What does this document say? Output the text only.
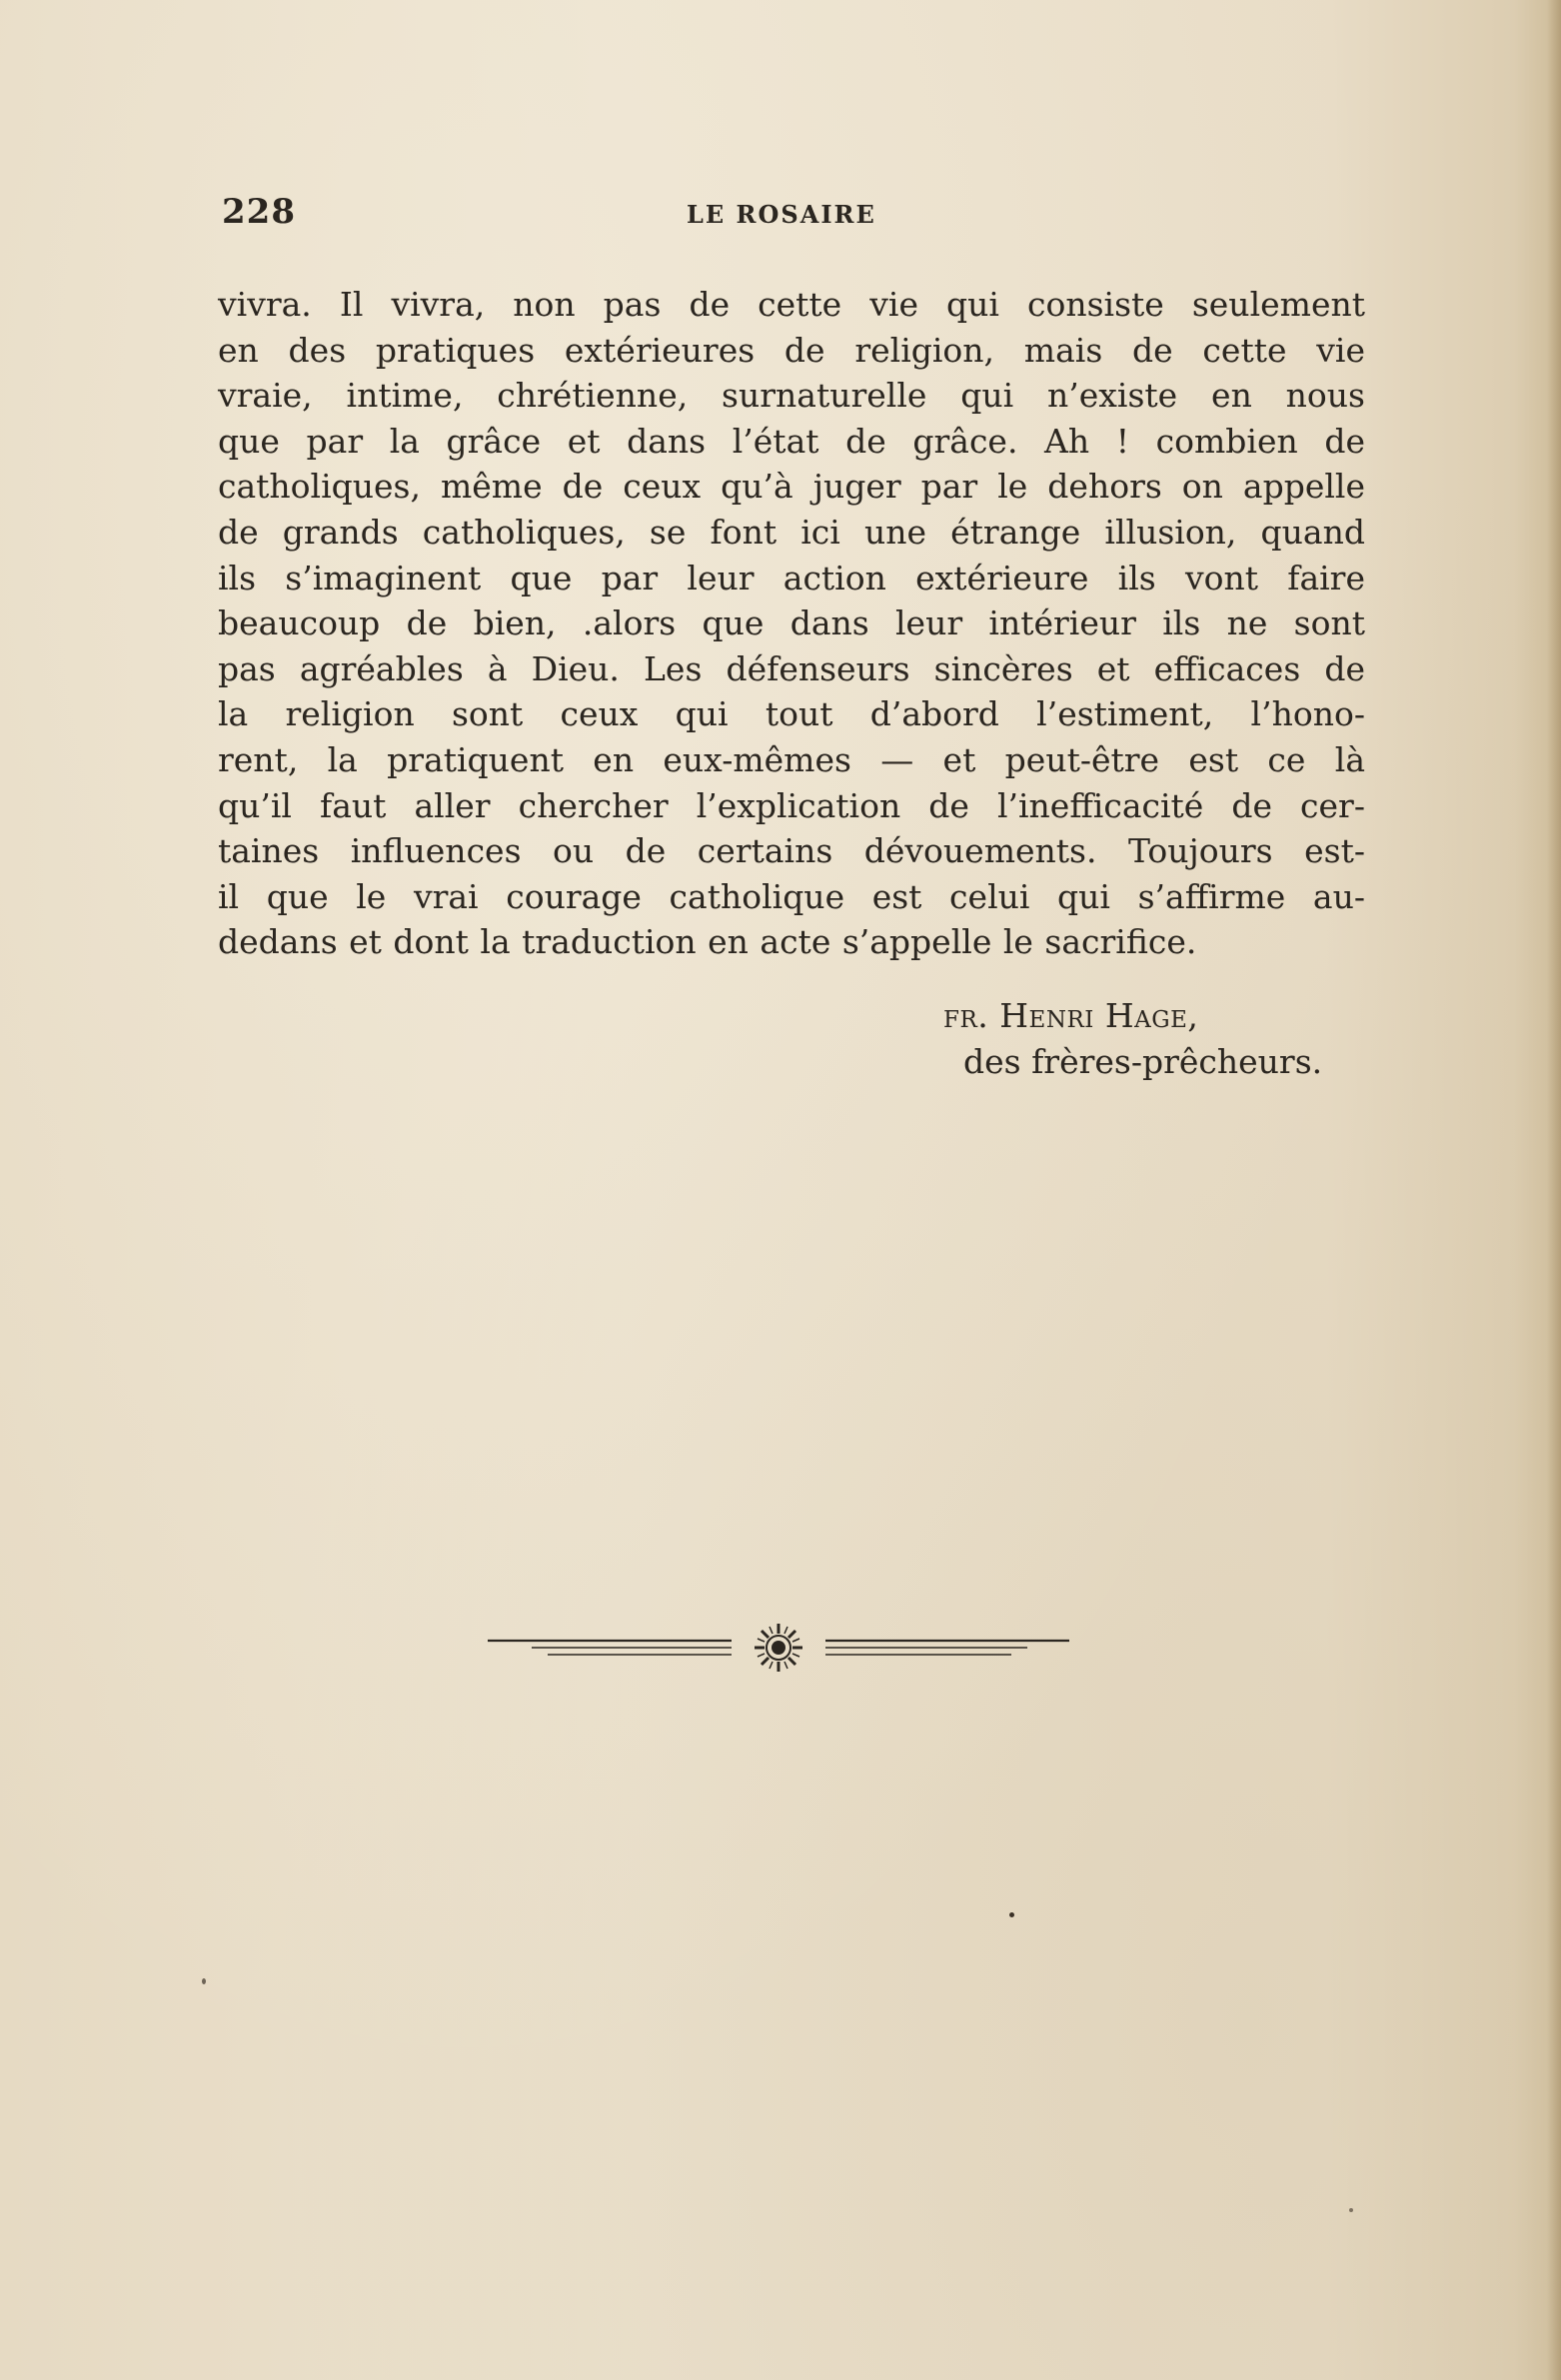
228	LE ROSAIRE
vivra. Il vivra, non pas de cette vie qui consiste seulement
en des pratiques extérieures de religion, mais de cette vie
vraie, intime, chrétienne, surnaturelle qui n’existe en nous
que par la grâce et dans l’état de grâce. Ah ! combien de
catholiques, même de ceux qu’à juger par le dehors on appelle
de grands catholiques, se font ici une étrange illusion, quand
ils s’imaginent que par leur action extérieure ils vont faire
beaucoup de bien, .alors que dans leur intérieur ils ne sont
pas agréables à Dieu. Les défenseurs sincères et efficaces de
la religion sont ceux qui tout d’abord l’estiment, l’hono-
rent, la pratiquent en eux-mêmes — et peut-être est ce là
qu’il faut aller chercher l’explication de l’inefficacité de cer-
taines influences ou de certains dévouements. Toujours est-
il que le vrai courage catholique est celui qui s’affirme au-
dedans et dont la traduction en acte s’appelle le sacrifice.
fr. Henri Hage,
des frères-prêcheurs.
